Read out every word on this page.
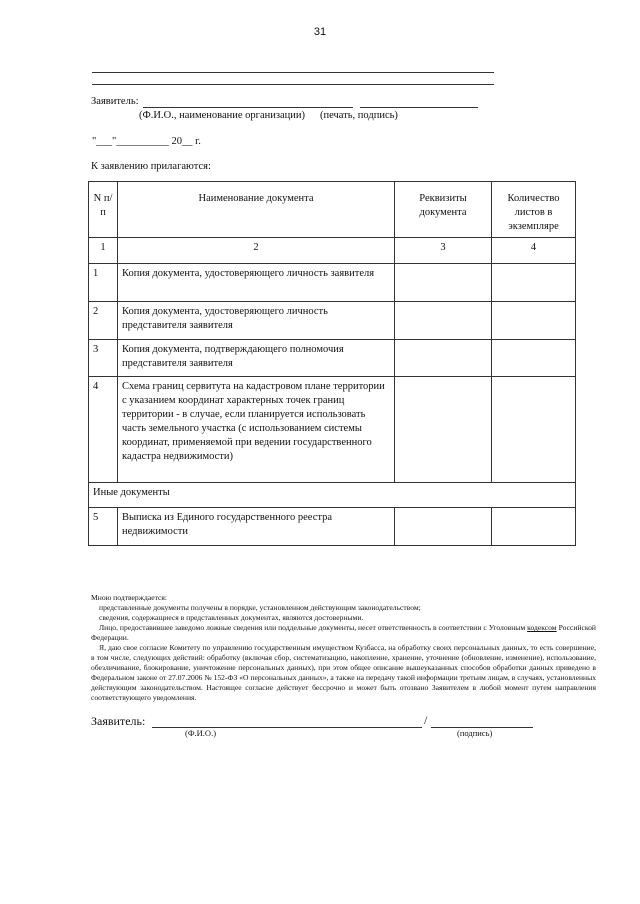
31
Заявитель:
(Ф.И.О., наименование организации) (печать, подпись)
"___"__________ 20__ г.
К заявлению прилагаются:
N п/п	Наименование документа	Реквизиты документа	Количество листов в экземпляре
1	2	3	4
1	Копия документа, удостоверяющего личность заявителя		
2	Копия документа, удостоверяющего личность представителя заявителя		
3	Копия документа, подтверждающего полномочия представителя заявителя		
4	Схема границ сервитута на кадастровом плане территории с указанием координат характерных точек границ территории - в случае, если планируется использовать часть земельного участка (с использованием системы координат, применяемой при ведении государственного кадастра недвижимости)		
Иные документы			
5	Выписка из Единого государственного реестра недвижимости		

Мною подтверждается:

представленные документы получены в порядке, установленном действующим законодательством;

сведения, содержащиеся в представленных документах, являются достоверными.

Лицо, предоставившее заведомо ложные сведения или поддельные документы, несет ответственность в соответствии с Уголовным кодексом Российской Федерации.

Я, даю свое согласие Комитету по управлению государственным имуществом Кузбасса, на обработку своих персональных данных, то есть совершение, в том числе, следующих действий: обработку (включая сбор, систематизацию, накопление, хранение, уточнение (обновление, изменение), использование, обезличивание, блокирование, уничтожение персональных данных), при этом общее описание вышеуказанных способов обработки данных приведено в Федеральном законе от 27.07.2006 № 152-ФЗ «О персональных данных», а также на передачу такой информации третьим лицам, в случаях, установленных действующим законодательством. Настоящее согласие действует бессрочно и может быть отозвано Заявителем в любой момент путем направления соответствующего уведомления.

Заявитель:	/
(Ф.И.О.)	(подпись)
